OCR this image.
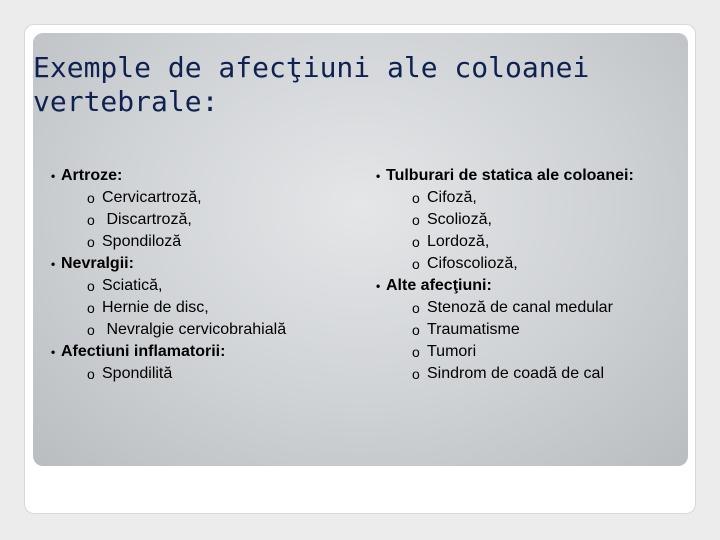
Exemple de afecţiuni ale coloanei
vertebrale:
• Artroze:
o Cervicartroză,
o Discartroză,
o Spondiloză
• Nevralgii:
o Sciatică,
o Hernie de disc,
o Nevralgie cervicobrahială
• Afectiuni inflamatorii:
o Spondilită
• Tulburari de statica ale coloanei:
o Cifoză,
o Scolioză,
o Lordoză,
o Cifoscolioză,
• Alte afecţiuni:
o Stenoză de canal medular
o Traumatisme
o Tumori
o Sindrom de coadă de cal
